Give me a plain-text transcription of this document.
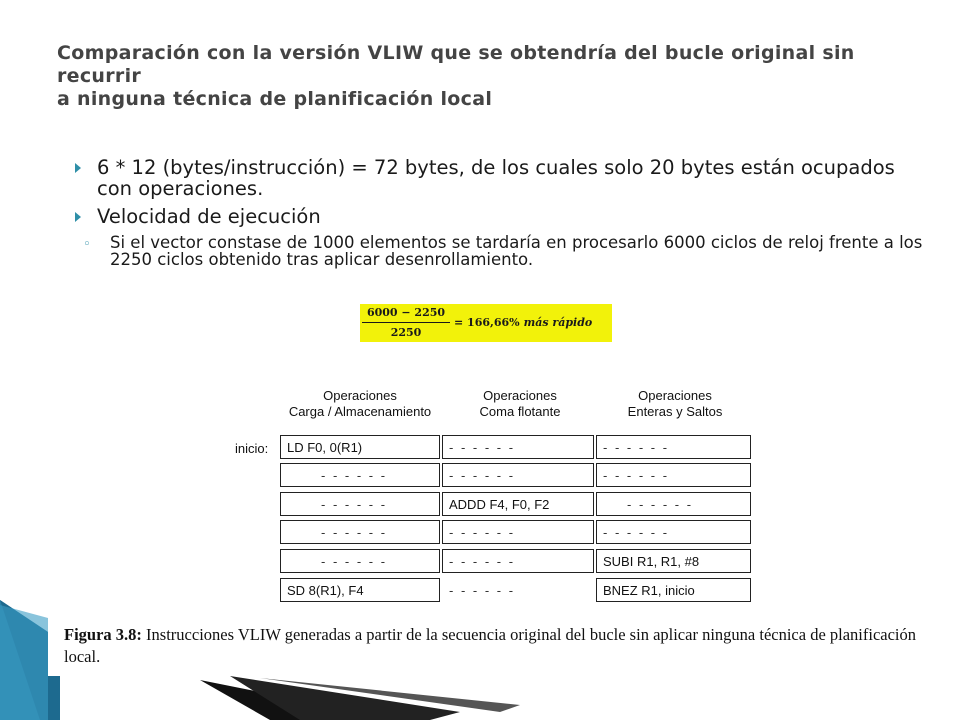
Comparación con la versión VLIW que se obtendría del bucle original sin recurrir
a ninguna técnica de planificación local
6 * 12 (bytes/instrucción) = 72 bytes, de los cuales solo 20 bytes están ocupados con operaciones.
Velocidad de ejecución
◦ Si el vector constase de 1000 elementos se tardaría en procesarlo 6000 ciclos de reloj frente a los 2250 ciclos obtenido tras aplicar desenrollamiento.
$\frac{6000 - 2250}{2250} = 166,66\%$ más rápido
Operaciones
Carga / Almacenamiento
Operaciones
Coma flotante
Operaciones
Enteras y Saltos
inicio:	LD F0, 0(R1)	- - - - - -	- - - - - -
- - - - - -	- - - - - -	- - - - - -
- - - - - -	ADDD F4, F0, F2	- - - - - -
- - - - - -	- - - - - -	- - - - - -
- - - - - -	- - - - - -	SUBI R1, R1, #8
SD 8(R1), F4	- - - - - -	BNEZ R1, inicio
Figura 3.8: Instrucciones VLIW generadas a partir de la secuencia original del bucle sin aplicar ninguna técnica de planificación local.
